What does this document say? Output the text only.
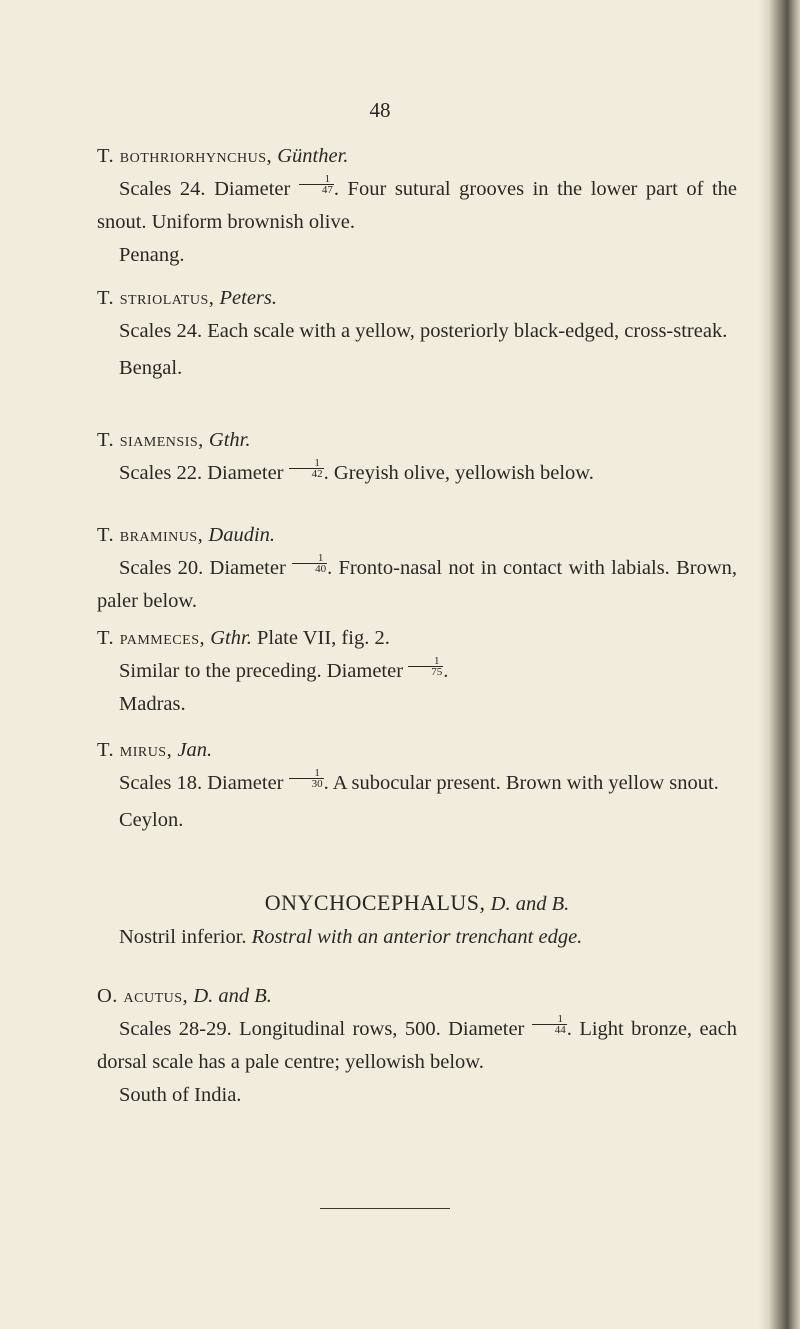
48

T. bothriorhynchus, Günther.

Scales 24. Diameter $\frac{1}{47}$ . Four sutural grooves in the lower part of the snout. Uniform brownish olive.

Penang.

T. striolatus, Peters.

Scales 24. Each scale with a yellow, posteriorly black-edged, cross-streak.

Bengal.

T. siamensis, Gthr.

Scales 22. Diameter $\frac{1}{42}$ . Greyish olive, yellowish below.

T. braminus, Daudin.

Scales 20. Diameter $\frac{1}{40}$ . Fronto-nasal not in contact with labials. Brown, paler below.

T. pammeces, Gthr. Plate VII, fig. 2.

Similar to the preceding. Diameter $\frac{1}{75}$ .

Madras.

T. mirus, Jan.

Scales 18. Diameter $\frac{1}{30}$ . A subocular present. Brown with yellow snout.

Ceylon.

ONYCHOCEPHALUS, D. and B.

Nostril inferior. Rostral with an anterior trenchant edge.

O. acutus, D. and B.

Scales 28-29. Longitudinal rows, 500. Diameter $\frac{1}{44}$ . Light bronze, each dorsal scale has a pale centre; yellowish below.

South of India.
